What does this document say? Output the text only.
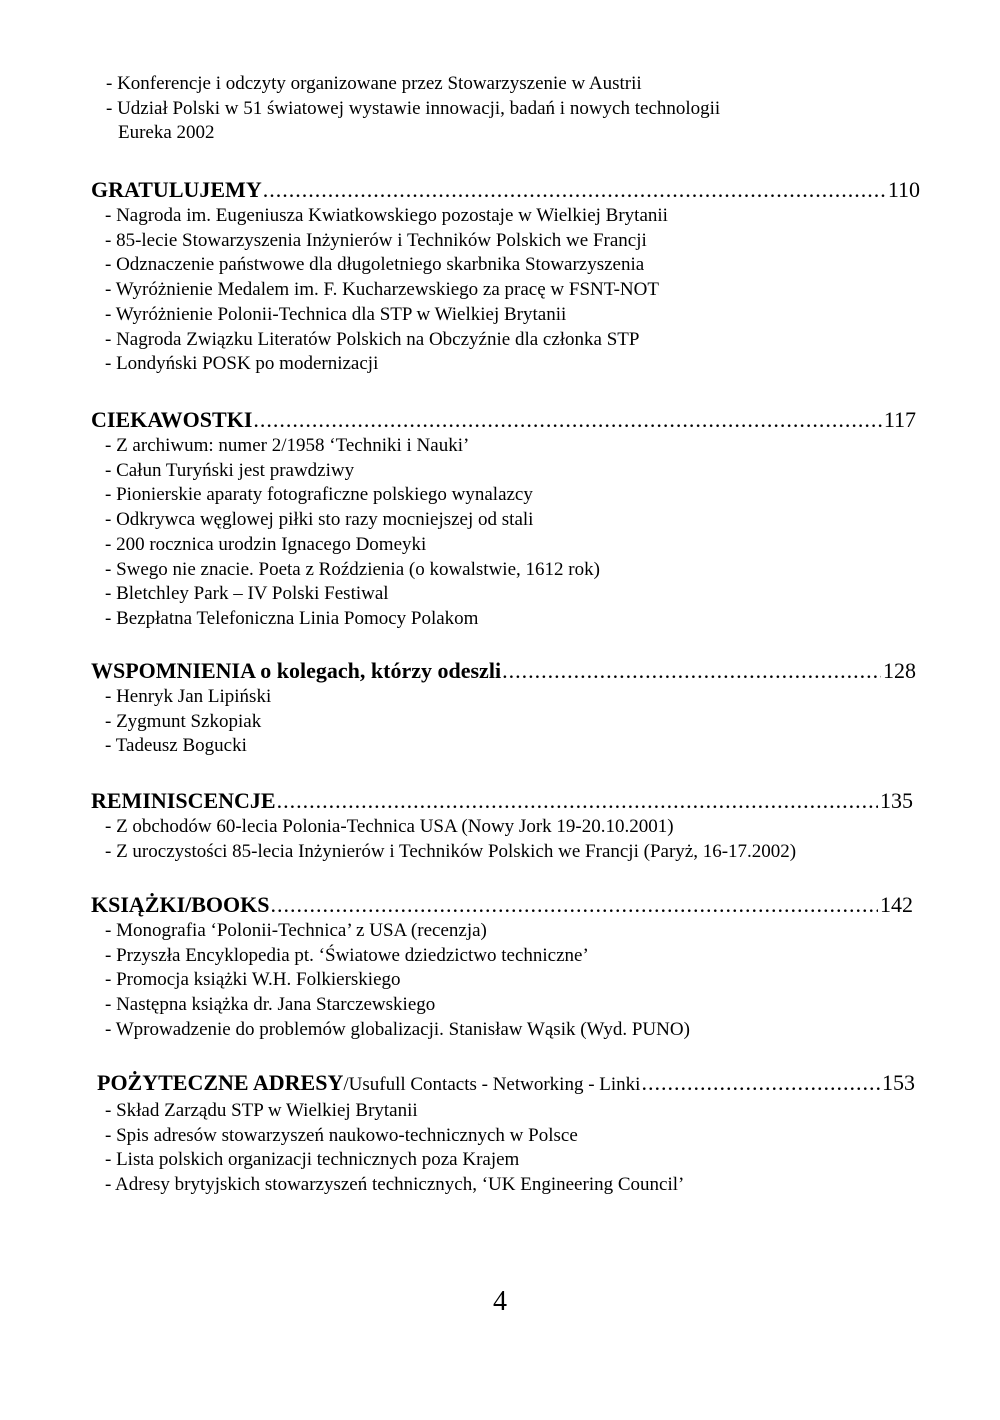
- Konferencje i odczyty organizowane przez Stowarzyszenie w Austrii
- Udział Polski w 51 światowej wystawie innowacji, badań i nowych technologii
Eureka 2002
GRATULUJEMY .....	110
- Nagroda im. Eugeniusza Kwiatkowskiego pozostaje w Wielkiej Brytanii
- 85-lecie Stowarzyszenia Inżynierów i Techników Polskich we Francji
- Odznaczenie państwowe dla długoletniego skarbnika Stowarzyszenia
- Wyróżnienie Medalem im. F. Kucharzewskiego za pracę w FSNT-NOT
- Wyróżnienie Polonii-Technica dla STP w Wielkiej Brytanii
- Nagroda Związku Literatów Polskich na Obczyźnie dla członka STP
- Londyński POSK po modernizacji
CIEKAWOSTKI .....	117
- Z archiwum: numer 2/1958 ‘Techniki i Nauki’
- Całun Turyński jest prawdziwy
- Pionierskie aparaty fotograficzne polskiego wynalazcy
- Odkrywca węglowej piłki sto razy mocniejszej od stali
- 200 rocznica urodzin Ignacego Domeyki
- Swego nie znacie. Poeta z Roździenia (o kowalstwie, 1612 rok)
- Bletchley Park – IV Polski Festiwal
- Bezpłatna Telefoniczna Linia Pomocy Polakom
WSPOMNIENIA o kolegach, którzy odeszli .....	128
- Henryk Jan Lipiński
- Zygmunt Szkopiak
- Tadeusz Bogucki
REMINISCENCJE .....	135
- Z obchodów 60-lecia Polonia-Technica USA (Nowy Jork 19-20.10.2001)
- Z uroczystości 85-lecia Inżynierów i Techników Polskich we Francji (Paryż, 16-17.2002)
KSIĄŻKI/BOOKS .....	142
- Monografia ‘Polonii-Technica’ z USA (recenzja)
- Przyszła Encyklopedia pt. ‘Światowe dziedzictwo techniczne’
- Promocja książki W.H. Folkierskiego
- Następna książka dr. Jana Starczewskiego
- Wprowadzenie do problemów globalizacji. Stanisław Wąsik (Wyd. PUNO)
POŻYTECZNE ADRESY /Usufull Contacts - Networking - Linki .....	153
- Skład Zarządu STP w Wielkiej Brytanii
- Spis adresów stowarzyszeń naukowo-technicznych w Polsce
- Lista polskich organizacji technicznych poza Krajem
- Adresy brytyjskich stowarzyszeń technicznych, ‘UK Engineering Council’
4
